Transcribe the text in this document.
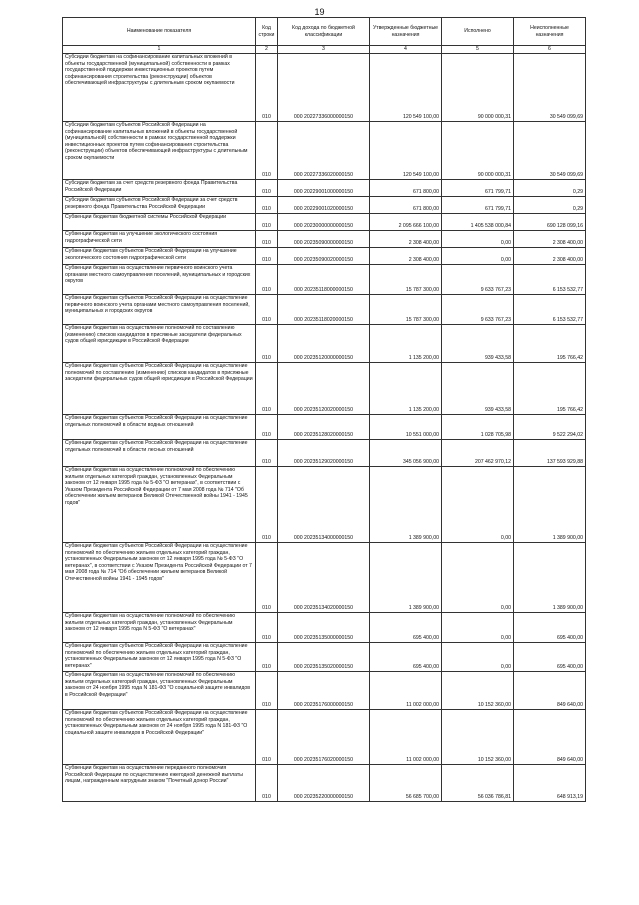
19
Наименование показателя	Код строки	Код дохода по бюджетной классификации	Утвержденные бюджетные назначения	Исполнено	Неисполненные назначения
1	2	3	4	5	6
Субсидии бюджетам на софинансирование капитальных вложений в объекты государственной (муниципальной) собственности в рамках государственной поддержки инвестиционных проектов путем софинансирования строительства (реконструкции) объектов обеспечивающей инфраструктуры с длительным сроком окупаемости	010	000 20227336000000150	120 549 100,00	90 000 000,31	30 549 099,69
Субсидии бюджетам субъектов Российской Федерации на софинансирование капитальных вложений в объекты государственной (муниципальной) собственности в рамках государственной поддержки инвестиционных проектов путем софинансирования строительства (реконструкции) объектов обеспечивающей инфраструктуры с длительным сроком окупаемости	010	000 20227336020000150	120 549 100,00	90 000 000,31	30 549 099,69
Субсидии бюджетам за счет средств резервного фонда Правительства Российской Федерации	010	000 20229001000000150	671 800,00	671 799,71	0,29
Субсидии бюджетам субъектов Российской Федерации за счет средств резервного фонда Правительства Российской Федерации	010	000 20229001020000150	671 800,00	671 799,71	0,29
Субвенции бюджетам бюджетной системы Российской Федерации	010	000 20230000000000150	2 095 666 100,00	1 405 538 000,84	690 128 099,16
Субвенции бюджетам на улучшение экологического состояния гидрографической сети	010	000 20235090000000150	2 308 400,00	0,00	2 308 400,00
Субвенции бюджетам субъектов Российской Федерации на улучшение экологического состояния гидрографической сети	010	000 20235090020000150	2 308 400,00	0,00	2 308 400,00
Субвенции бюджетам на осуществление первичного воинского учета органами местного самоуправления поселений, муниципальных и городских округов	010	000 20235118000000150	15 787 300,00	9 633 767,23	6 153 532,77
Субвенции бюджетам субъектов Российской Федерации на осуществление первичного воинского учета органами местного самоуправления поселений, муниципальных и городских округов	010	000 20235118020000150	15 787 300,00	9 633 767,23	6 153 532,77
Субвенции бюджетам на осуществление полномочий по составлению (изменению) списков кандидатов в присяжные заседатели федеральных судов общей юрисдикции в Российской Федерации	010	000 20235120000000150	1 135 200,00	939 433,58	195 766,42
Субвенции бюджетам субъектов Российской Федерации на осуществление полномочий по составлению (изменению) списков кандидатов в присяжные заседатели федеральных судов общей юрисдикции в Российской Федерации	010	000 20235120020000150	1 135 200,00	939 433,58	195 766,42
Субвенции бюджетам субъектов Российской Федерации на осуществление отдельных полномочий в области водных отношений	010	000 20235128020000150	10 551 000,00	1 028 705,98	9 522 294,02
Субвенции бюджетам субъектов Российской Федерации на осуществление отдельных полномочий в области лесных отношений	010	000 20235129020000150	345 056 900,00	207 462 970,12	137 593 929,88
Субвенции бюджетам на осуществление полномочий по обеспечению жильем отдельных категорий граждан, установленных Федеральным законом от 12 января 1995 года № 5-ФЗ "О ветеранах", в соответствии с Указом Президента Российской Федерации от 7 мая 2008 года № 714 "Об обеспечении жильем ветеранов Великой Отечественной войны 1941 - 1945 годов"	010	000 20235134000000150	1 389 900,00	0,00	1 389 900,00
Субвенции бюджетам субъектов Российской Федерации на осуществление полномочий по обеспечению жильем отдельных категорий граждан, установленных Федеральным законом от 12 января 1995 года № 5-ФЗ "О ветеранах", в соответствии с Указом Президента Российской Федерации от 7 мая 2008 года № 714 "Об обеспечении жильем ветеранов Великой Отечественной войны 1941 - 1945 годов"	010	000 20235134020000150	1 389 900,00	0,00	1 389 900,00
Субвенции бюджетам на осуществление полномочий по обеспечению жильем отдельных категорий граждан, установленных Федеральным законом от 12 января 1995 года N 5-ФЗ "О ветеранах"	010	000 20235135000000150	695 400,00	0,00	695 400,00
Субвенции бюджетам субъектов Российской Федерации на осуществление полномочий по обеспечению жильем отдельных категорий граждан, установленных Федеральным законом от 12 января 1995 года N 5-ФЗ "О ветеранах"	010	000 20235135020000150	695 400,00	0,00	695 400,00
Субвенции бюджетам на осуществление полномочий по обеспечению жильем отдельных категорий граждан, установленных Федеральным законом от 24 ноября 1995 года N 181-ФЗ "О социальной защите инвалидов в Российской Федерации"	010	000 20235176000000150	11 002 000,00	10 152 360,00	849 640,00
Субвенции бюджетам субъектов Российской Федерации на осуществление полномочий по обеспечению жильем отдельных категорий граждан, установленных Федеральным законом от 24 ноября 1995 года N 181-ФЗ "О социальной защите инвалидов в Российской Федерации"	010	000 20235176020000150	11 002 000,00	10 152 360,00	849 640,00
Субвенции бюджетам на осуществление переданного полномочия Российской Федерации по осуществлению ежегодной денежной выплаты лицам, награжденным нагрудным знаком "Почетный донор России"	010	000 20235220000000150	56 685 700,00	56 036 786,81	648 913,19
